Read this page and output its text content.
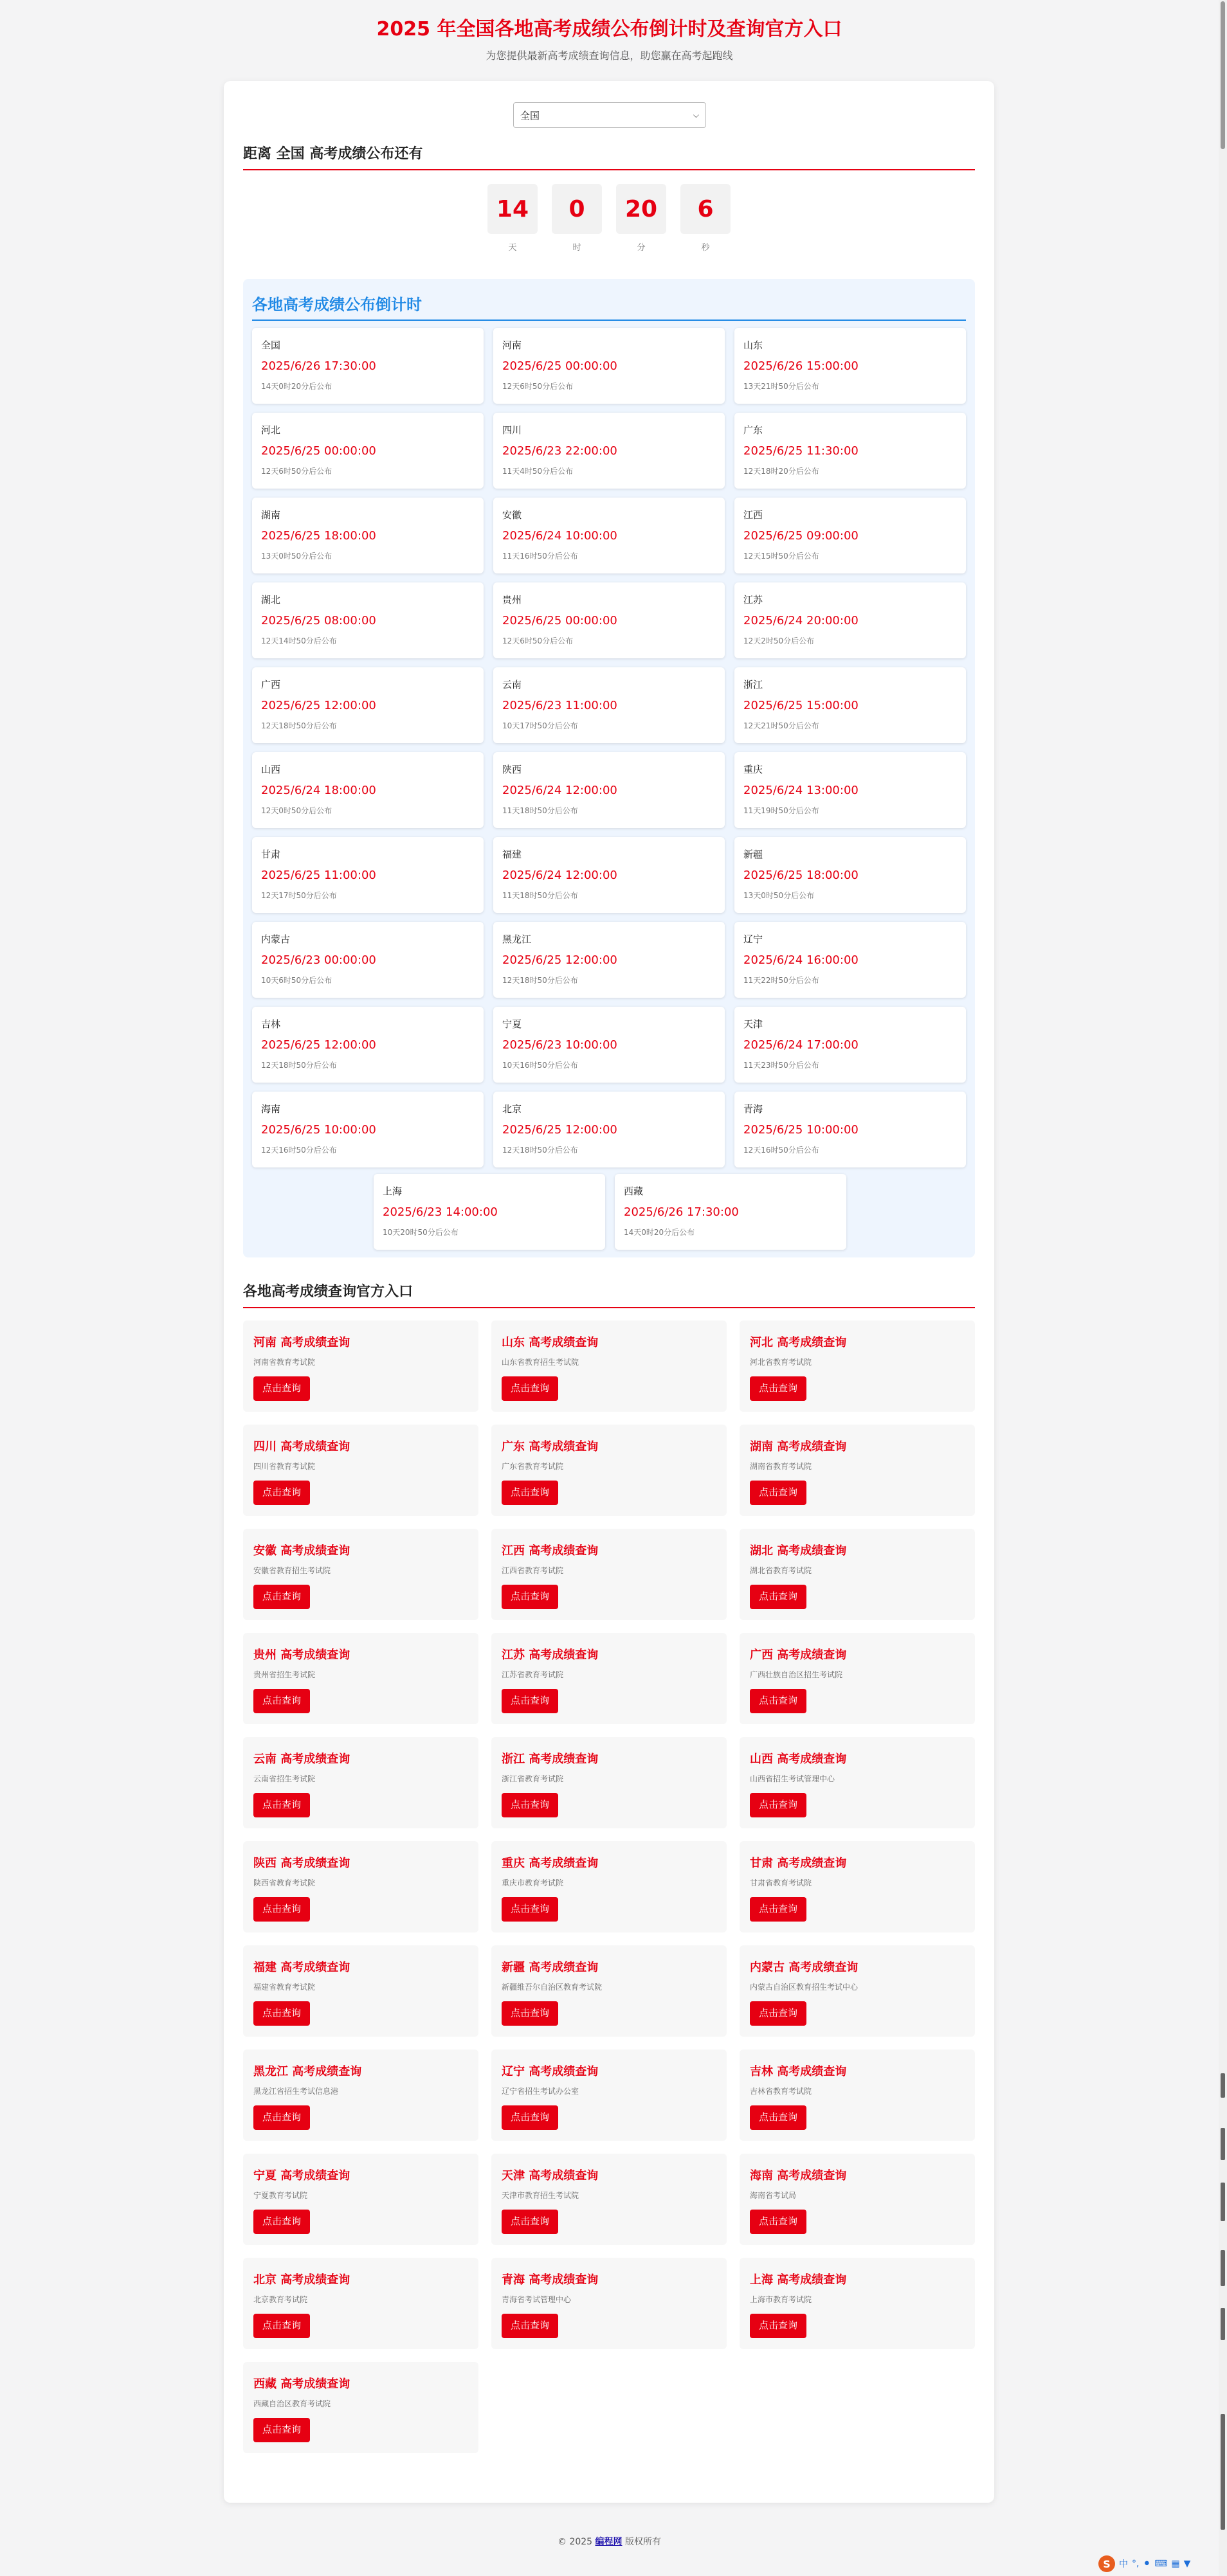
2025 年全国各地高考成绩公布倒计时及查询官方入口

为您提供最新高考成绩查询信息，助您赢在高考起跑线

全国	⌵
距离 全国 高考成绩公布还有
14
天
0
时
20
分
6
秒
各地高考成绩公布倒计时
全国
2025/6/26 17:30:00
14天0时20分后公布
河南
2025/6/25 00:00:00
12天6时50分后公布
山东
2025/6/26 15:00:00
13天21时50分后公布
河北
2025/6/25 00:00:00
12天6时50分后公布
四川
2025/6/23 22:00:00
11天4时50分后公布
广东
2025/6/25 11:30:00
12天18时20分后公布
湖南
2025/6/25 18:00:00
13天0时50分后公布
安徽
2025/6/24 10:00:00
11天16时50分后公布
江西
2025/6/25 09:00:00
12天15时50分后公布
湖北
2025/6/25 08:00:00
12天14时50分后公布
贵州
2025/6/25 00:00:00
12天6时50分后公布
江苏
2025/6/24 20:00:00
12天2时50分后公布
广西
2025/6/25 12:00:00
12天18时50分后公布
云南
2025/6/23 11:00:00
10天17时50分后公布
浙江
2025/6/25 15:00:00
12天21时50分后公布
山西
2025/6/24 18:00:00
12天0时50分后公布
陕西
2025/6/24 12:00:00
11天18时50分后公布
重庆
2025/6/24 13:00:00
11天19时50分后公布
甘肃
2025/6/25 11:00:00
12天17时50分后公布
福建
2025/6/24 12:00:00
11天18时50分后公布
新疆
2025/6/25 18:00:00
13天0时50分后公布
内蒙古
2025/6/23 00:00:00
10天6时50分后公布
黑龙江
2025/6/25 12:00:00
12天18时50分后公布
辽宁
2025/6/24 16:00:00
11天22时50分后公布
吉林
2025/6/25 12:00:00
12天18时50分后公布
宁夏
2025/6/23 10:00:00
10天16时50分后公布
天津
2025/6/24 17:00:00
11天23时50分后公布
海南
2025/6/25 10:00:00
12天16时50分后公布
北京
2025/6/25 12:00:00
12天18时50分后公布
青海
2025/6/25 10:00:00
12天16时50分后公布
上海
2025/6/23 14:00:00
10天20时50分后公布
西藏
2025/6/26 17:30:00
14天0时20分后公布
各地高考成绩查询官方入口
河南 高考成绩查询
河南省教育考试院
点击查询
山东 高考成绩查询
山东省教育招生考试院
点击查询
河北 高考成绩查询
河北省教育考试院
点击查询
四川 高考成绩查询
四川省教育考试院
点击查询
广东 高考成绩查询
广东省教育考试院
点击查询
湖南 高考成绩查询
湖南省教育考试院
点击查询
安徽 高考成绩查询
安徽省教育招生考试院
点击查询
江西 高考成绩查询
江西省教育考试院
点击查询
湖北 高考成绩查询
湖北省教育考试院
点击查询
贵州 高考成绩查询
贵州省招生考试院
点击查询
江苏 高考成绩查询
江苏省教育考试院
点击查询
广西 高考成绩查询
广西壮族自治区招生考试院
点击查询
云南 高考成绩查询
云南省招生考试院
点击查询
浙江 高考成绩查询
浙江省教育考试院
点击查询
山西 高考成绩查询
山西省招生考试管理中心
点击查询
陕西 高考成绩查询
陕西省教育考试院
点击查询
重庆 高考成绩查询
重庆市教育考试院
点击查询
甘肃 高考成绩查询
甘肃省教育考试院
点击查询
福建 高考成绩查询
福建省教育考试院
点击查询
新疆 高考成绩查询
新疆维吾尔自治区教育考试院
点击查询
内蒙古 高考成绩查询
内蒙古自治区教育招生考试中心
点击查询
黑龙江 高考成绩查询
黑龙江省招生考试信息港
点击查询
辽宁 高考成绩查询
辽宁省招生考试办公室
点击查询
吉林 高考成绩查询
吉林省教育考试院
点击查询
宁夏 高考成绩查询
宁夏教育考试院
点击查询
天津 高考成绩查询
天津市教育招生考试院
点击查询
海南 高考成绩查询
海南省考试局
点击查询
北京 高考成绩查询
北京教育考试院
点击查询
青海 高考成绩查询
青海省考试管理中心
点击查询
上海 高考成绩查询
上海市教育考试院
点击查询
西藏 高考成绩查询
西藏自治区教育考试院
点击查询
© 2025 编程网 版权所有
S 中 °, ⚫ ⌨ ▦ ▼
